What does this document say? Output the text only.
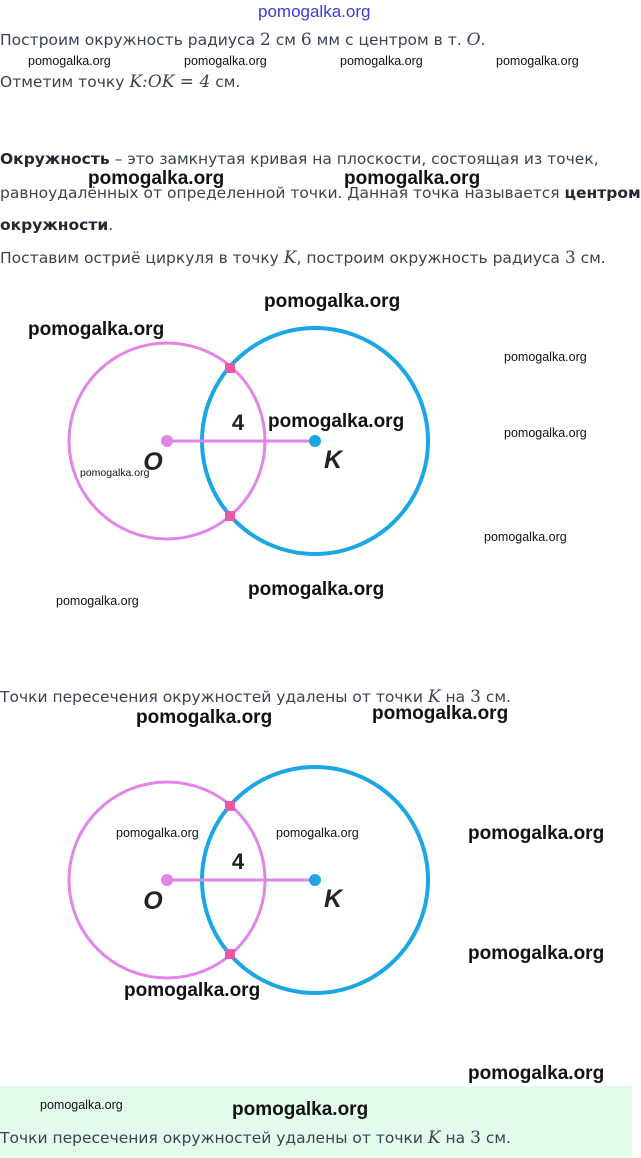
pomogalka.org
Построим окружность радиуса 2 см 6 мм с центром в т. O.
pomogalka.org	pomogalka.org	pomogalka.org	pomogalka.org
Отметим точку K:OK = 4 см.
Окружность – это замкнутая кривая на плоскости, состоящая из точек,
pomogalka.org	pomogalka.org
равноудалённых от определенной точки. Данная точка называется центром
окружности.
Поставим остриё циркуля в точку K, построим окружность радиуса 3 см.
4
O	K
pomogalka.org
pomogalka.org
pomogalka.org
pomogalka.org
pomogalka.org
pomogalka.org
pomogalka.org
pomogalka.org
pomogalka.org
Точки пересечения окружностей удалены от точки K на 3 см.
pomogalka.org	pomogalka.org
4
O	K
pomogalka.org	pomogalka.org	pomogalka.org
pomogalka.org
pomogalka.org
pomogalka.org
pomogalka.org	pomogalka.org
Точки пересечения окружностей удалены от точки K на 3 см.
